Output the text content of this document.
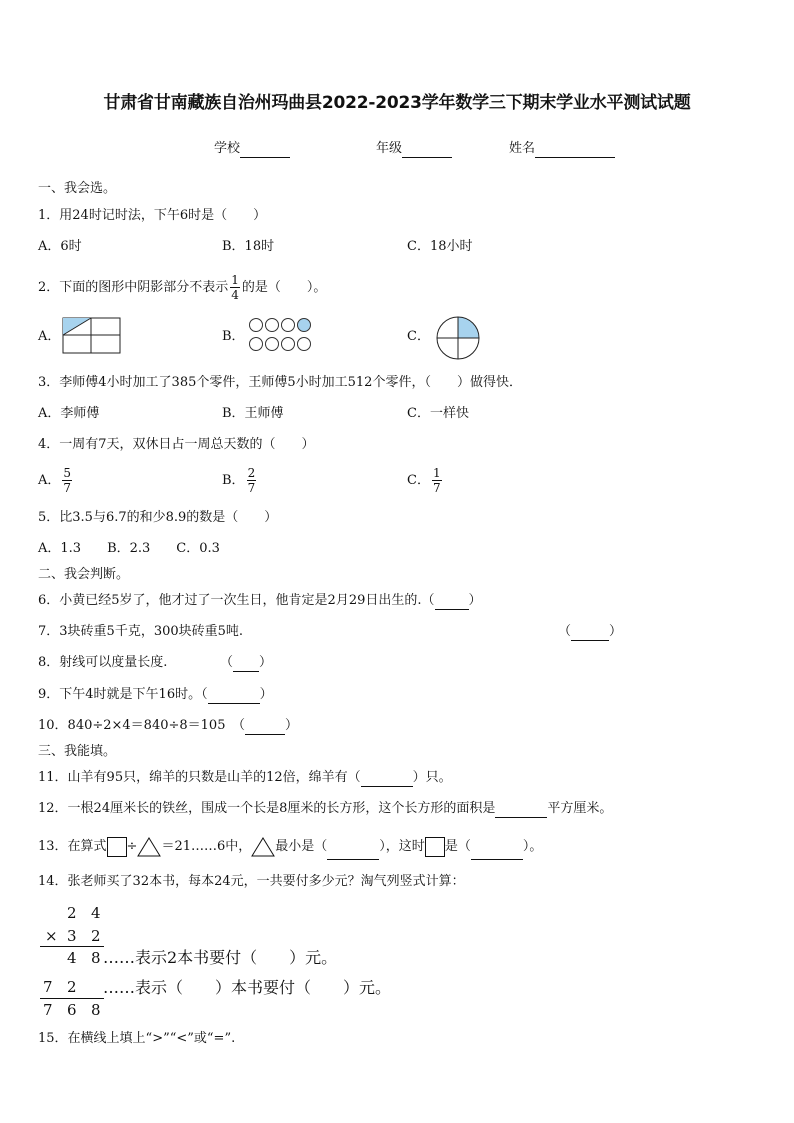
甘肃省甘南藏族自治州玛曲县2022-2023学年数学三下期末学业水平测试试题
学校	年级	姓名
一、我会选。
1．用24时记时法，下午6时是（　　）
A．6时	B．18时	C．18小时
2．下面的图形中阴影部分不表示 $\frac{1}{4}$ 的是（　　）。
A．	B．	C．
3．李师傅4小时加工了385个零件，王师傅5小时加工512个零件，（　　）做得快．
A．李师傅	B．王师傅	C．一样快
4．一周有7天，双休日占一周总天数的（　　）
A． $\frac{5}{7}$	B． $\frac{2}{7}$	C． $\frac{1}{7}$
5．比3.5与6.7的和少8.9的数是（　　）
A．1.3　　B．2.3　　C．0.3
二、我会判断。
6．小黄已经5岁了，他才过了一次生日，他肯定是2月29日出生的.（	）
7．3块砖重5千克，300块砖重5吨.	（	）
8．射线可以度量长度.	（ ）
9．下午4时就是下午16时。（	）
10．840÷2×4＝840÷8＝105　（	）
三、我能填。
11．山羊有95只，绵羊的只数是山羊的12倍，绵羊有（	）只。
12．一根24厘米长的铁丝，围成一个长是8厘米的长方形，这个长方形的面积是	平方厘米。
13．在算式 ÷ ＝21……6中， 最小是（	），这时 是（	）。
14．张老师买了32本书，每本24元，一共要付多少元？淘气列竖式计算：
2 4
× 3 2
4 8 ……表示2本书要付（　　）元。
7 2 ……表示（　　）本书要付（　　）元。
7 6 8
15．在横线上填上“>”“<”或“=”.
